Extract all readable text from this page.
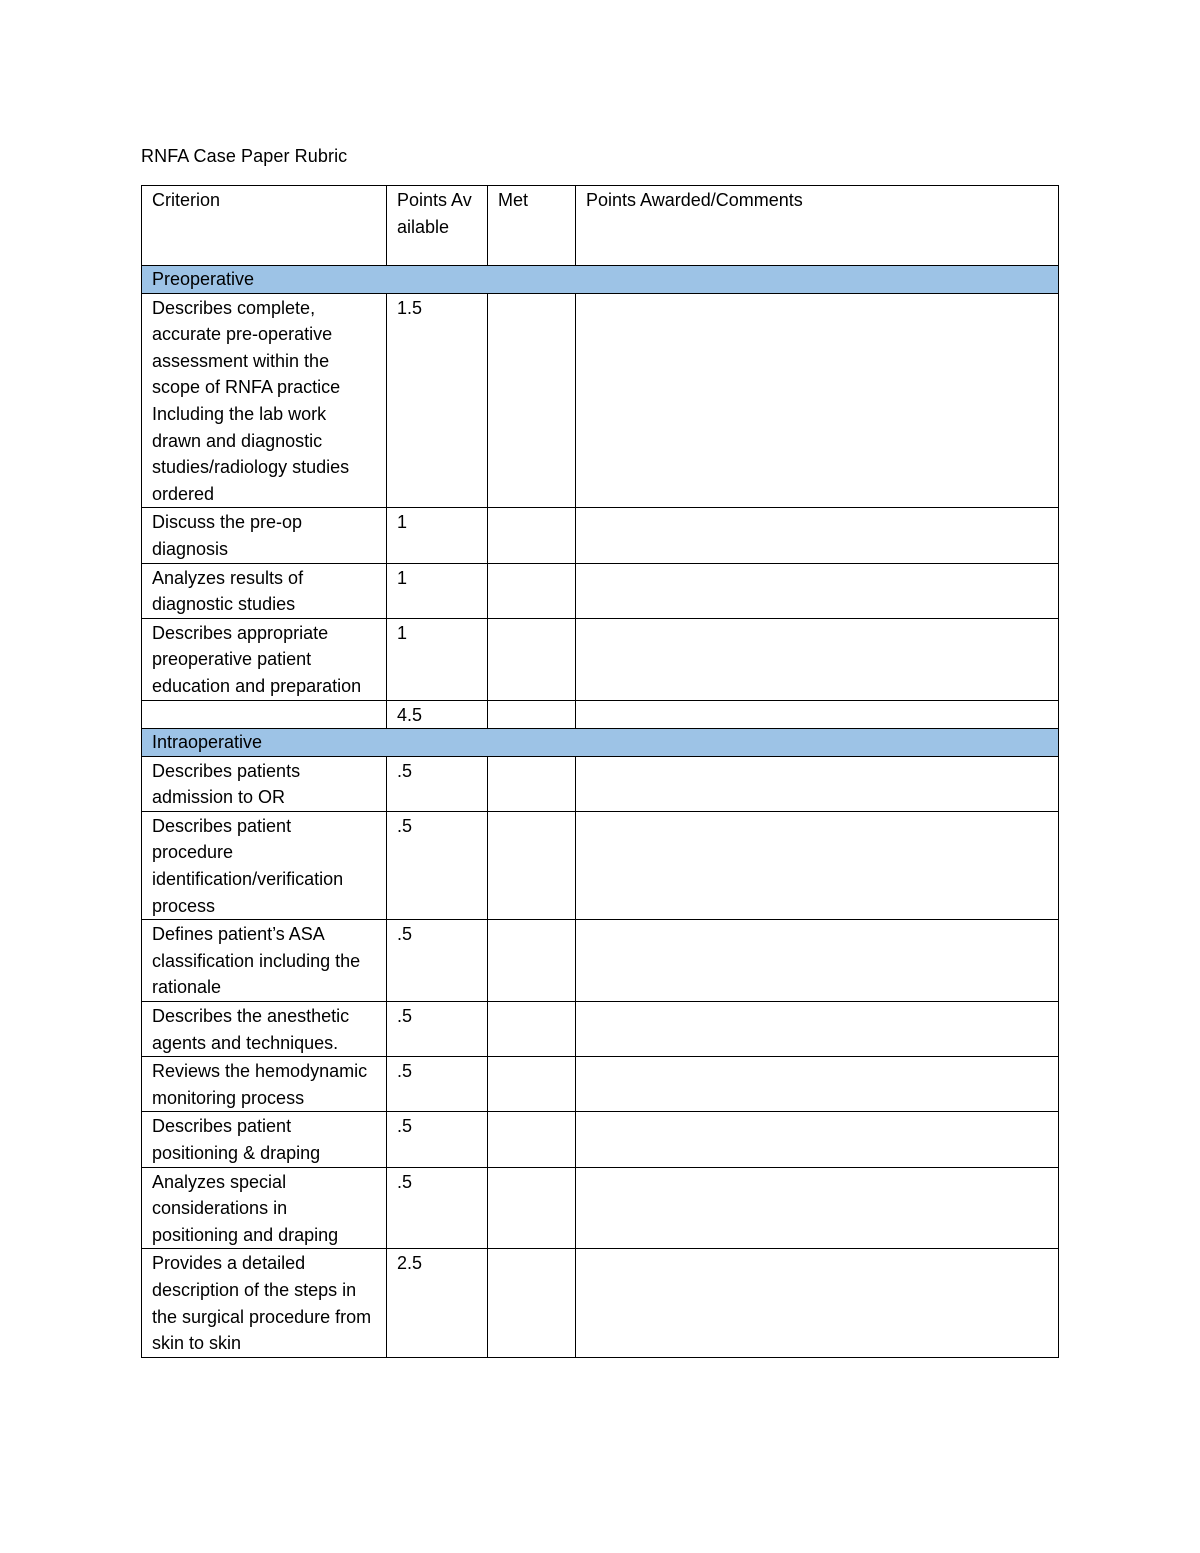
RNFA Case Paper Rubric
Criterion	Points Available	Met	Points Awarded/Comments
Preoperative			
Describes complete, accurate pre-operative assessment within the scope of RNFA practice Including the lab work drawn and diagnostic studies/radiology studies ordered	1.5		
Discuss the pre-op diagnosis	1		
Analyzes results of diagnostic studies	1		
Describes appropriate preoperative patient education and preparation	1		
	4.5		
Intraoperative			
Describes patients admission to OR	.5		
Describes patient procedure identification/verification process	.5		
Defines patient’s ASA classification including the rationale	.5		
Describes the anesthetic agents and techniques.	.5		
Reviews the hemodynamic monitoring process	.5		
Describes patient positioning & draping	.5		
Analyzes special considerations in positioning and draping	.5		
Provides a detailed description of the steps in the surgical procedure from skin to skin	2.5		
